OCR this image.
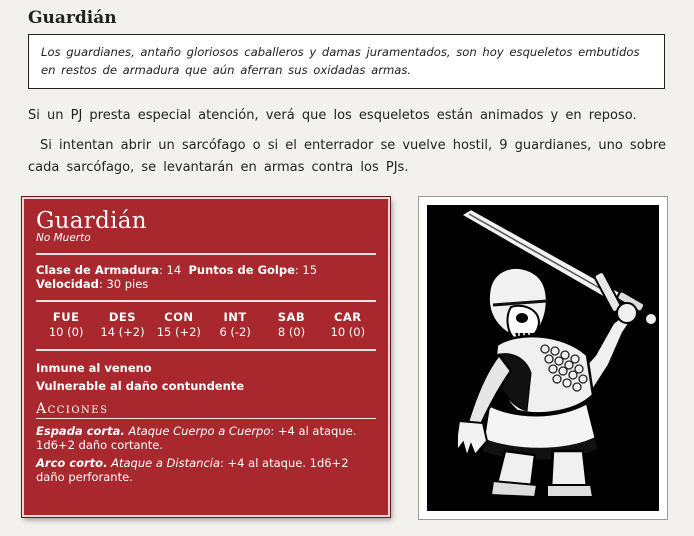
Guardián
Los guardianes, antaño gloriosos caballeros y damas juramentados, son hoy esqueletos embutidos en restos de armadura que aún aferran sus oxidadas armas.
Si un PJ presta especial atención, verá que los esqueletos están animados y en reposo.
Si intentan abrir un sarcófago o si el enterrador se vuelve hostil, 9 guardianes, uno sobre cada sarcófago, se levantarán en armas contra los PJs.
Guardián
No Muerto
Clase de Armadura: 14 Puntos de Golpe: 15
Velocidad: 30 pies
FUE
10 (0)
DES
14 (+2)
CON
15 (+2)
INT
6 (-2)
SAB
8 (0)
CAR
10 (0)
Inmune al veneno
Vulnerable al daño contundente
Acciones
Espada corta. Ataque Cuerpo a Cuerpo: +4 al ataque. 1d6+2 daño cortante.
Arco corto. Ataque a Distancia: +4 al ataque. 1d6+2 daño perforante.
